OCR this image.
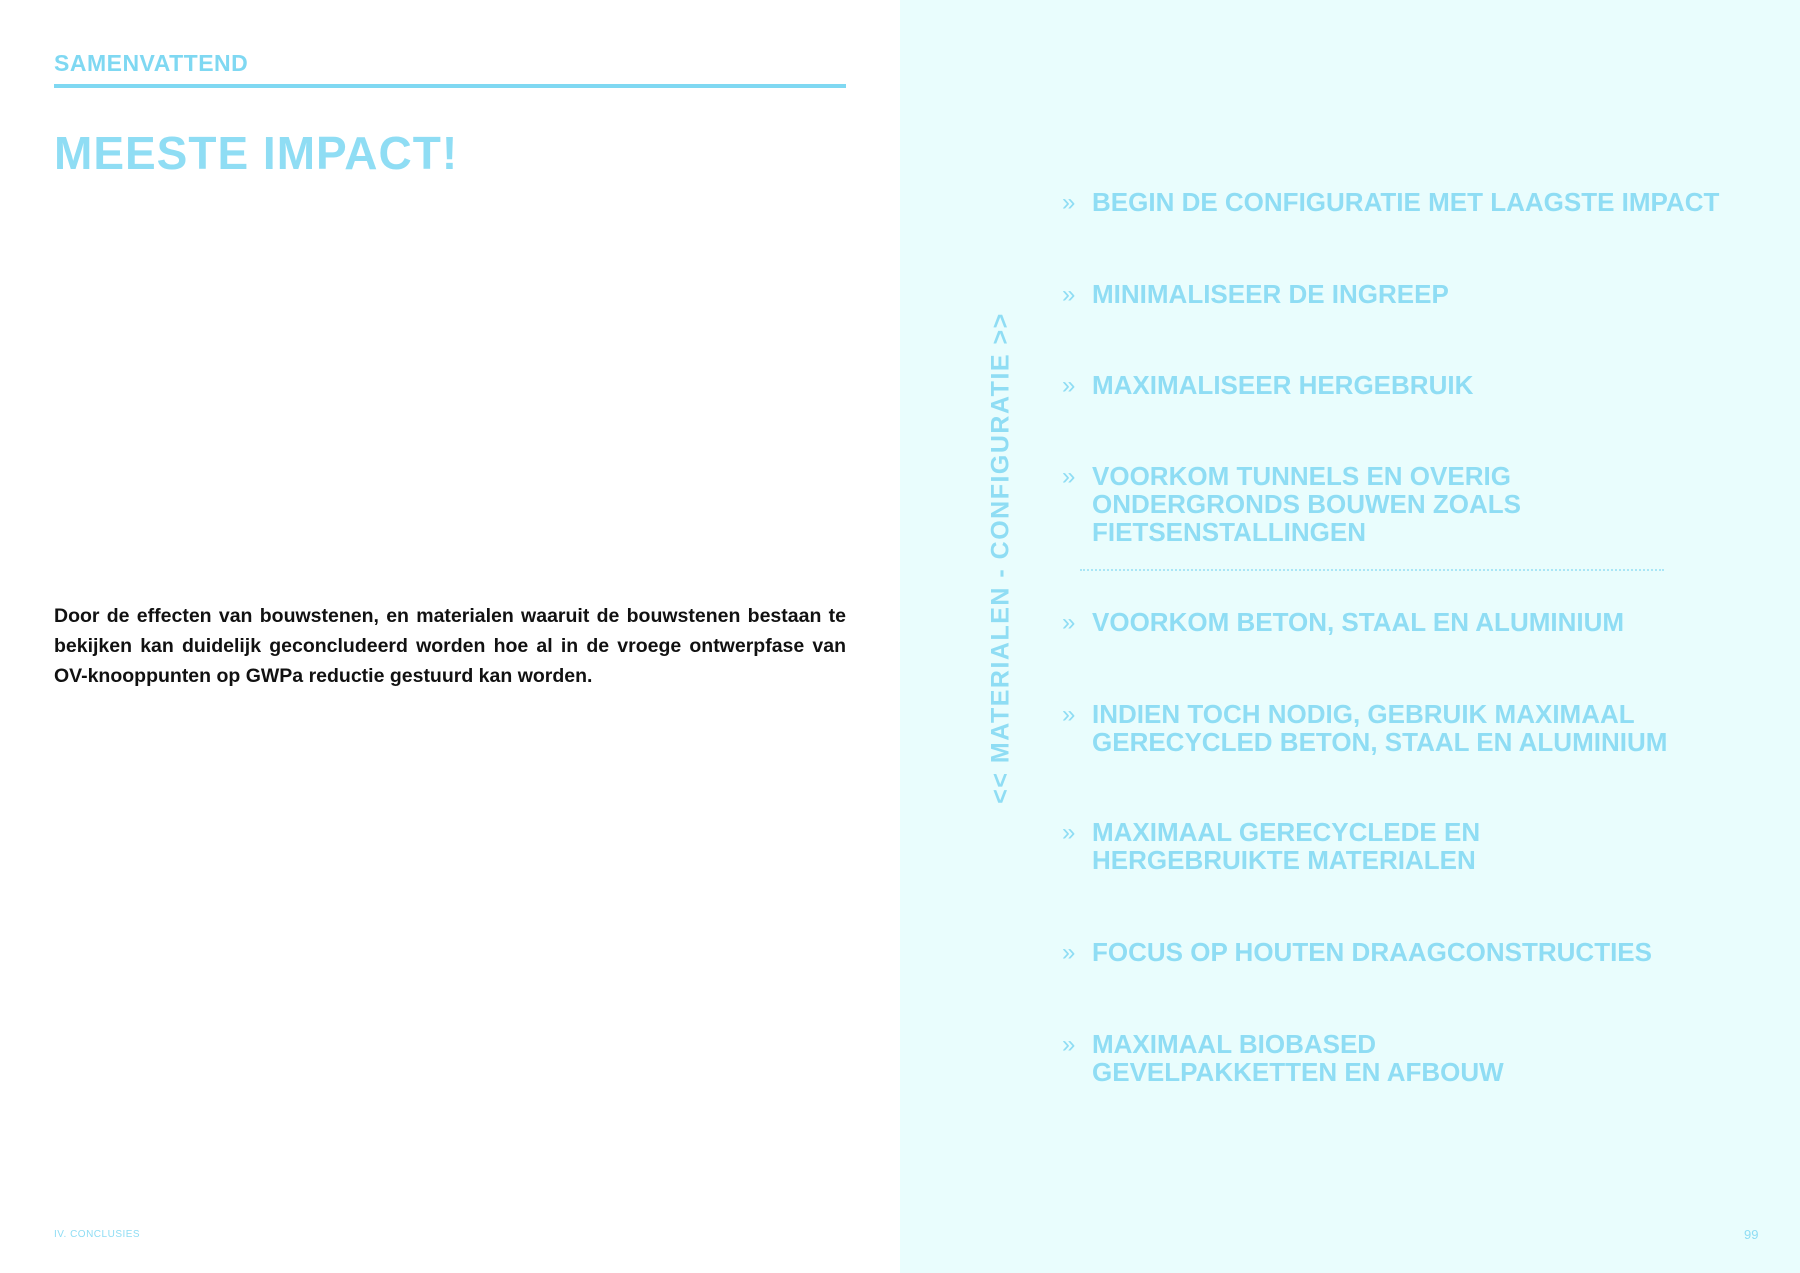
SAMENVATTEND
MEESTE IMPACT!

Door de effecten van bouwstenen, en materialen waaruit de bouwstenen bestaan te bekijken kan duidelijk geconcludeerd worden hoe al in de vroege ontwerpfase van OV-knooppunten op GWPa reductie gestuurd kan worden.

IV. CONCLUSIES
<< MATERIALEN - CONFIGURATIE >>
» BEGIN DE CONFIGURATIE MET LAAGSTE IMPACT
» MINIMALISEER DE INGREEP
» MAXIMALISEER HERGEBRUIK
» VOORKOM TUNNELS EN OVERIG ONDERGRONDS BOUWEN ZOALS FIETSENSTALLINGEN
» VOORKOM BETON, STAAL EN ALUMINIUM
» INDIEN TOCH NODIG, GEBRUIK MAXIMAAL GERECYCLED BETON, STAAL EN ALUMINIUM
» MAXIMAAL GERECYCLEDE EN HERGEBRUIKTE MATERIALEN
» FOCUS OP HOUTEN DRAAGCONSTRUCTIES
» MAXIMAAL BIOBASED GEVELPAKKETTEN EN AFBOUW
99
